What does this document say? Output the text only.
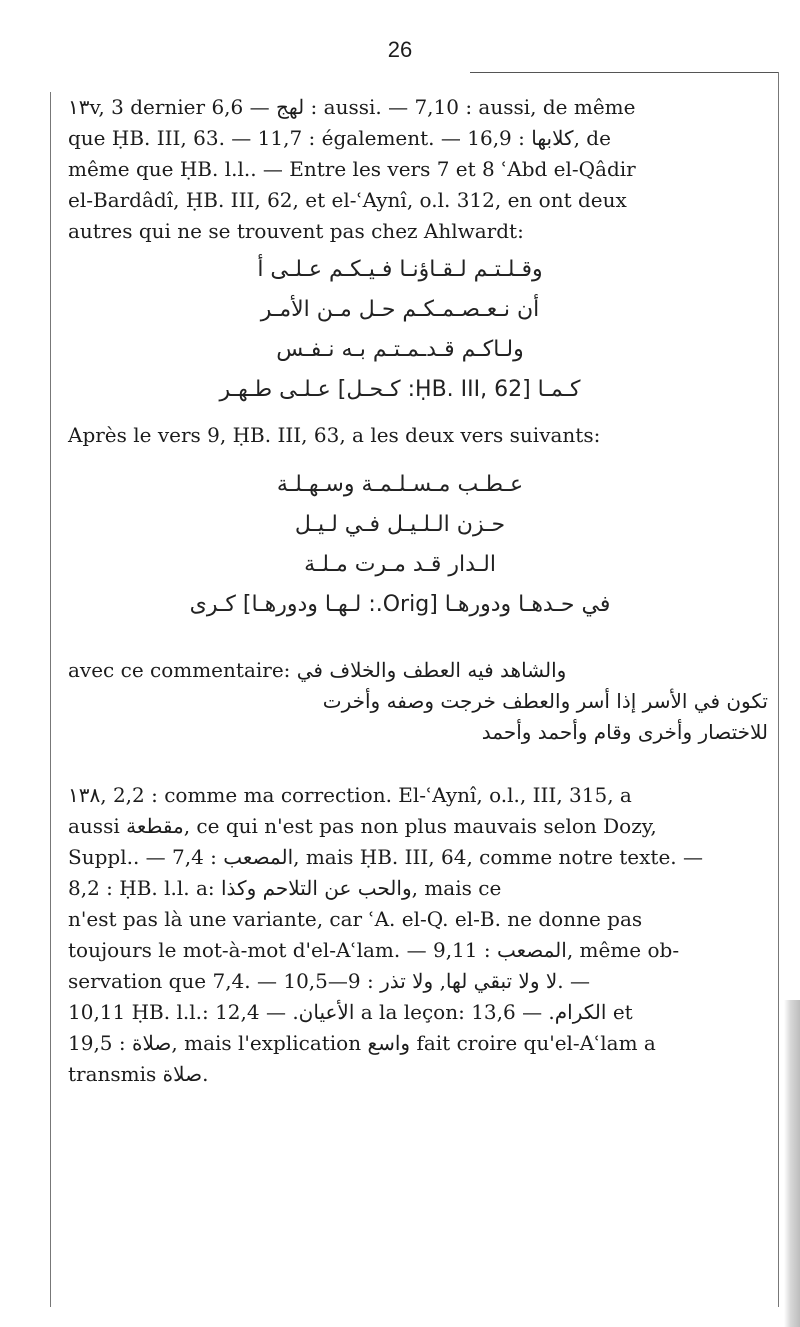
26
۱۳v, 3 dernier لهج — 6,6 : aussi. — 7,10 : aussi, de même
que ḤB. III, 63. — 11,7 : également. — 16,9 : كلابها, de
même que ḤB. l.l.. — Entre les vers 7 et 8 ʿAbd el-Qâdir
el-Bardâdî, ḤB. III, 62, et el-ʿAynî, o.l. 312, en ont deux
autres qui ne se trouvent pas chez Ahlwardt:
وقـلـتـم لـقـاؤنـا فـيـكـم عـلـى أ
أن نـعـصـمـكـم حـل مـن الأمـر
ولـاكـم قـدـمـتـم بـه نـفـس
كـمـا [ḤB. III, 62: كـحـل] عـلـى طـهـر
Après le vers 9, ḤB. III, 63, a les deux vers suivants:
عـطـب مـسـلـمـة وسـهـلـة
حـزن الـلـيـل فـي لـيـل
الـدار قـد مـرت مـلـة
في حـدهـا ودورهـا [Orig.: لـهـا ودورهـا] كـرى
avec ce commentaire: والشاهد فيه العطف والخلاف في
تكون في الأسر إذا أسر والعطف خرجت وصفه وأخرت
للاختصار وأخرى وقام وأحمد وأحمد
۱۳۸, 2,2 : comme ma correction. El-ʿAynî, o.l., III, 315, a
aussi مقطعة, ce qui n'est pas non plus mauvais selon Dozy,
Suppl.. — 7,4 : المصعب, mais ḤB. III, 64, comme notre texte. —
8,2 : ḤB. l.l. a: والحب عن التلاحم وكذا, mais ce
n'est pas là une variante, car ʿA. el-Q. el-B. ne donne pas
toujours le mot-à-mot d'el-Aʿlam. — 9,11 : المصعب, même ob-
servation que 7,4. — 10,5—9 : لا ولا تبقي لها, ولا تذر. —
10,11 ḤB. l.l.: الأعيان. — 12,4 a la leçon: الكرام. — 13,6 et
19,5 : صلاة, mais l'explication واسع fait croire qu'el-Aʿlam a
transmis صلاة.
